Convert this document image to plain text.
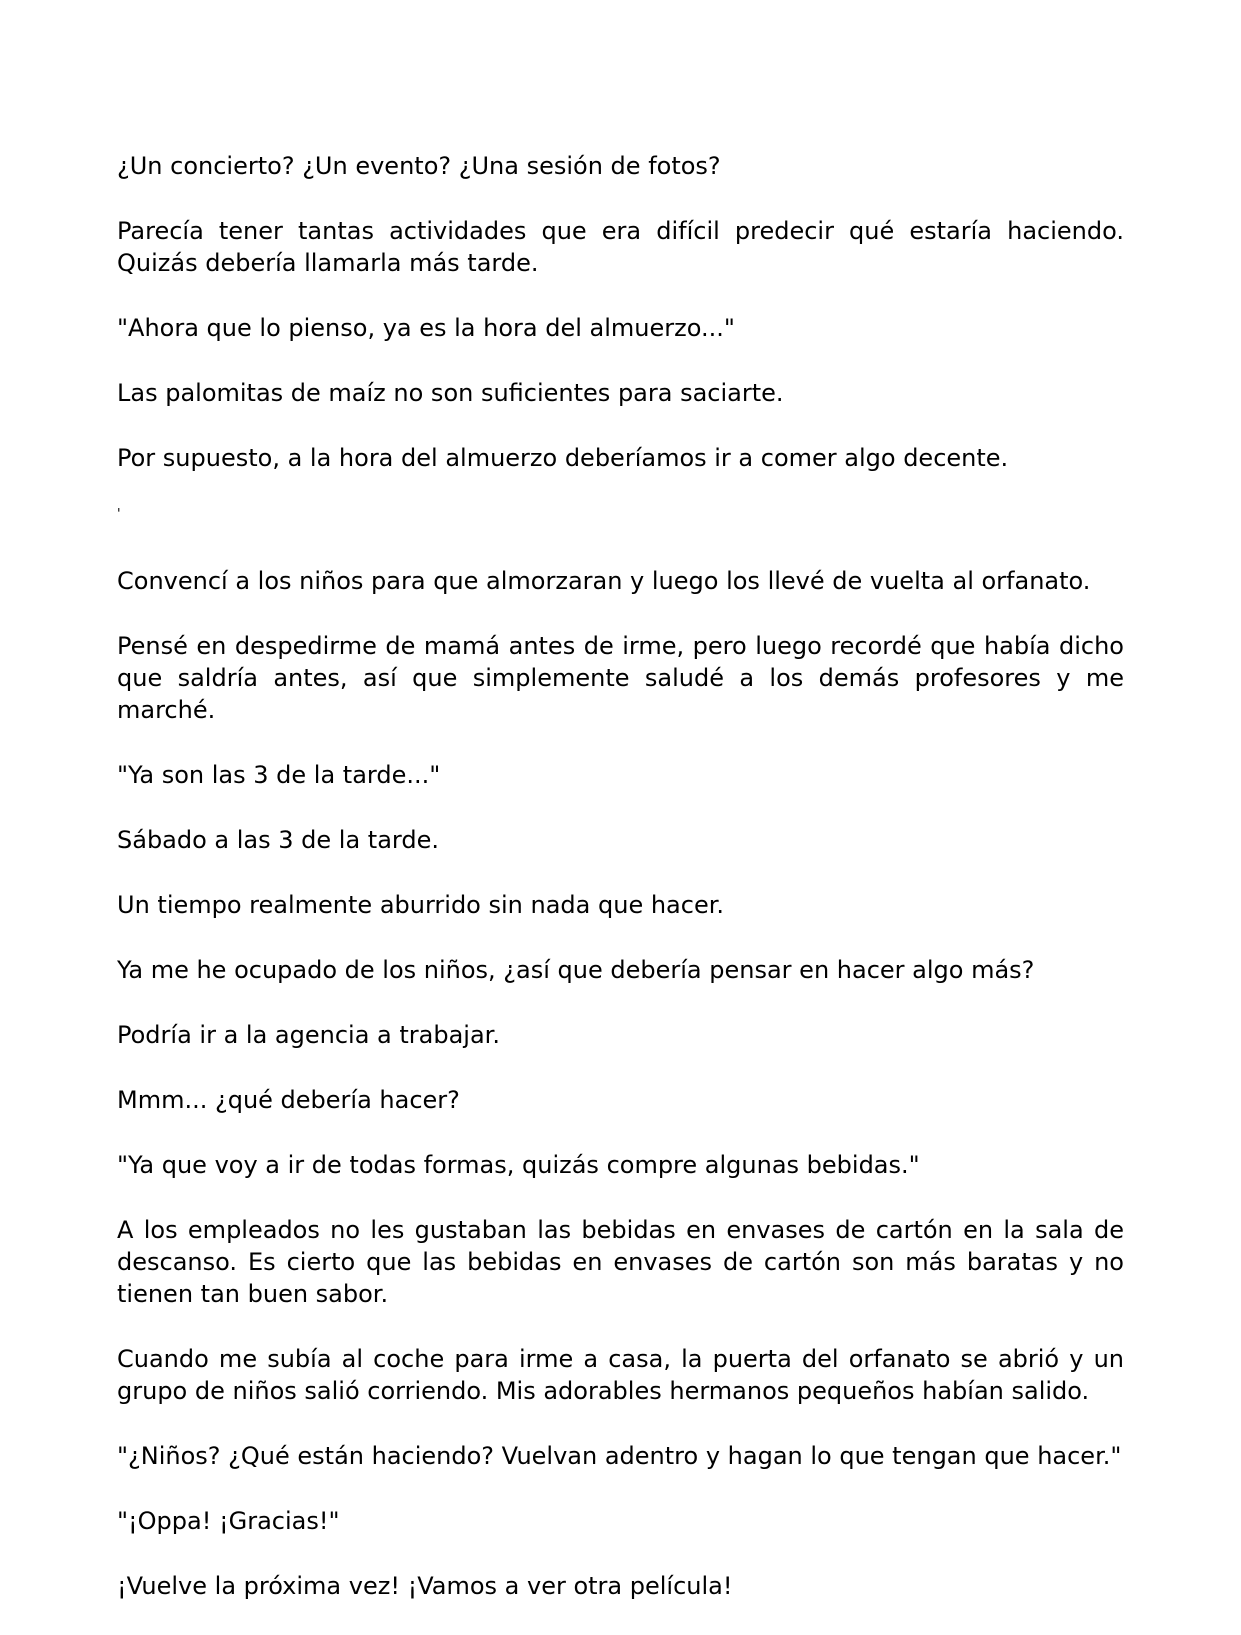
¿Un concierto? ¿Un evento? ¿Una sesión de fotos?

Parecía tener tantas actividades que era difícil predecir qué estaría haciendo. Quizás debería llamarla más tarde.

"Ahora que lo pienso, ya es la hora del almuerzo..."

Las palomitas de maíz no son suficientes para saciarte.

Por supuesto, a la hora del almuerzo deberíamos ir a comer algo decente.

'

Convencí a los niños para que almorzaran y luego los llevé de vuelta al orfanato.

Pensé en despedirme de mamá antes de irme, pero luego recordé que había dicho que saldría antes, así que simplemente saludé a los demás profesores y me marché.

"Ya son las 3 de la tarde..."

Sábado a las 3 de la tarde.

Un tiempo realmente aburrido sin nada que hacer.

Ya me he ocupado de los niños, ¿así que debería pensar en hacer algo más?

Podría ir a la agencia a trabajar.

Mmm... ¿qué debería hacer?

"Ya que voy a ir de todas formas, quizás compre algunas bebidas."

A los empleados no les gustaban las bebidas en envases de cartón en la sala de descanso. Es cierto que las bebidas en envases de cartón son más baratas y no tienen tan buen sabor.

Cuando me subía al coche para irme a casa, la puerta del orfanato se abrió y un grupo de niños salió corriendo. Mis adorables hermanos pequeños habían salido.

"¿Niños? ¿Qué están haciendo? Vuelvan adentro y hagan lo que tengan que hacer."

"¡Oppa! ¡Gracias!"

¡Vuelve la próxima vez! ¡Vamos a ver otra película!
